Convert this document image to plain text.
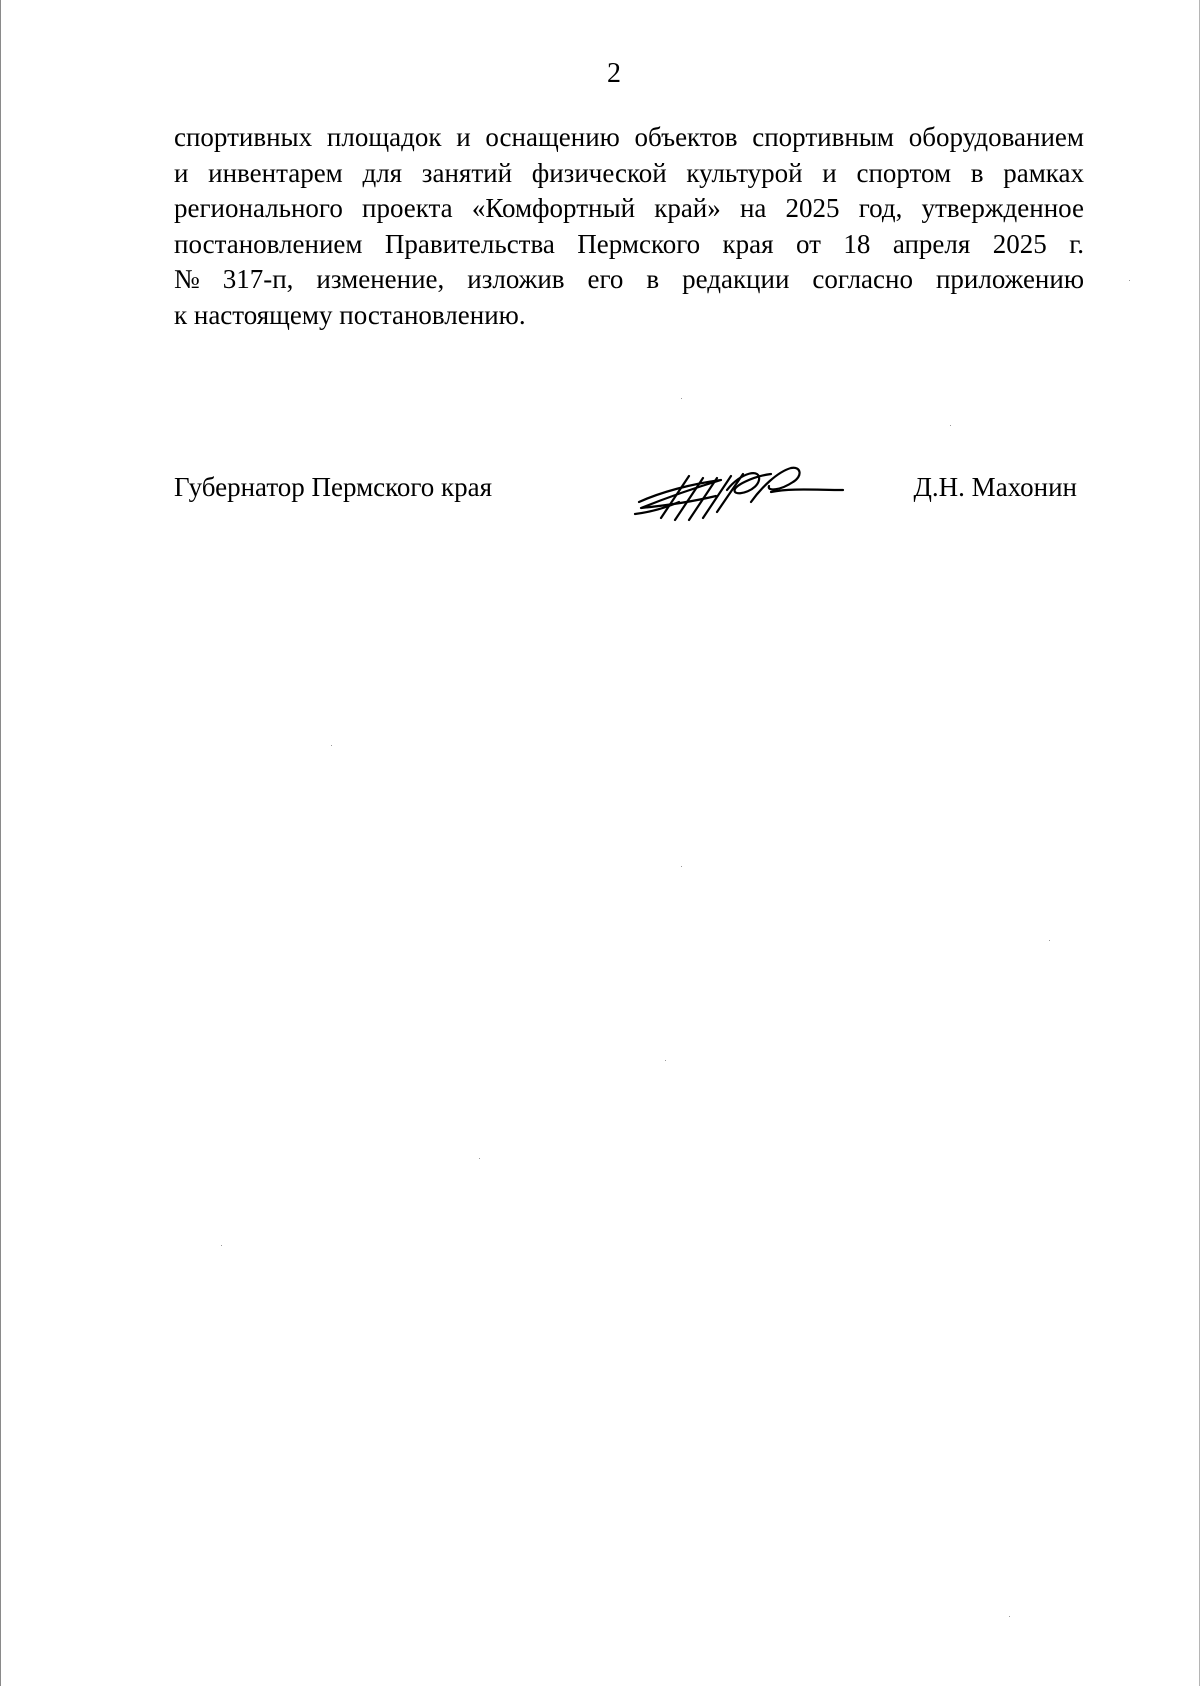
2
спортивных площадок и оснащению объектов спортивным оборудованием
и инвентарем для занятий физической культурой и спортом в рамках
регионального проекта «Комфортный край» на 2025 год, утвержденное
постановлением Правительства Пермского края от 18 апреля 2025 г.
№ 317-п, изменение, изложив его в редакции согласно приложению
к настоящему постановлению.
Губернатор Пермского края	Д.Н. Махонин
